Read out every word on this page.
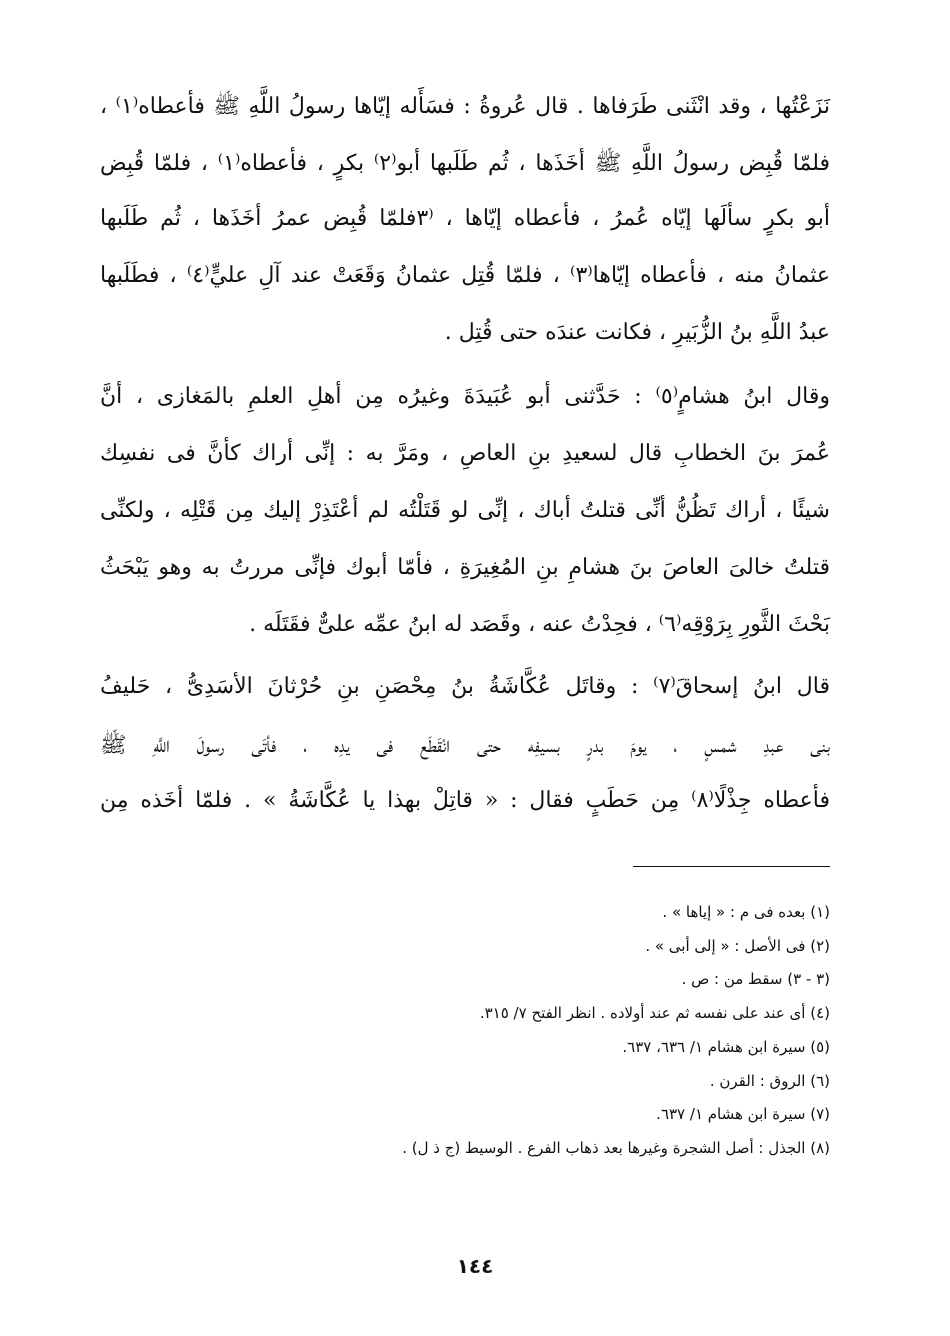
نَزَعْتُها ، وقد انْثَنى طَرَفاها . قال عُروةُ : فسَأَله إيّاها رسولُ اللَّهِ ﷺ فأعطاه⁽١⁾ ،
فلمّا قُبِض رسولُ اللَّهِ ﷺ أخَذَها ، ثُم طَلَبها أبو⁽٢⁾ بكرٍ ، فأعطاه⁽١⁾ ، فلمّا قُبِض
أبو بكرٍ سألَها إيّاه عُمرُ ، فأعطاه إيّاها ، ⁽٣فلمّا قُبِض عمرُ أخَذَها ، ثُم طَلَبها
عثمانُ منه ، فأعطاه إيّاها⁽٣⁾ ، فلمّا قُتِل عثمانُ وَقَعَتْ عند آلِ عليٍّ⁽٤⁾ ، فطَلَبها
عبدُ اللَّهِ بنُ الزُّبَيرِ ، فكانت عندَه حتى قُتِل .
وقال ابنُ هشامٍ⁽٥⁾ : حَدَّثنى أبو عُبَيدَةَ وغيرُه مِن أهلِ العلمِ بالمَغازى ، أنَّ
عُمرَ بنَ الخطابِ قال لسعيدِ بنِ العاصِ ، ومَرَّ به : إنِّى أراك كأنَّ فى نفسِك
شيئًا ، أراك تَظُنُّ أنِّى قتلتُ أباك ، إنِّى لو قَتَلْتُه لم أعْتَذِرْ إليك مِن قَتْلِه ، ولكنِّى
قتلتُ خالىَ العاصَ بنَ هشامِ بنِ المُغِيرَةِ ، فأمّا أبوك فإنِّى مررتُ به وهو يَبْحَثُ
بَحْثَ الثَّورِ بِرَوْقِه⁽٦⁾ ، فحِدْتُ عنه ، وقَصَد له ابنُ عمِّه علىٌّ فقَتَلَه .
قال ابنُ إسحاقَ⁽٧⁾ : وقاتَل عُكَّاشَةُ بنُ مِحْصَنِ بنِ حُرْثانَ الأسَدِىُّ ، حَليفُ
بنى عبدِ شمسٍ ، يومَ بدرٍ بسيفِه حتى انْقَطَع فى يدِه ، فأتَى رسولَ اللَّهِ ﷺ
فأعطاه جِذْلًا⁽٨⁾ مِن حَطَبٍ فقال : « قاتِلْ بهذا يا عُكَّاشَةُ » . فلمّا أخَذه مِن
(١) بعده فى م : « إياها » .
(٢) فى الأصل : « إلى أبى » .
(٣ - ٣) سقط من : ص .
(٤) أى عند على نفسه ثم عند أولاده . انظر الفتح ٧/ ٣١٥.
(٥) سيرة ابن هشام ١/ ٦٣٦، ٦٣٧.
(٦) الروق : القرن .
(٧) سيرة ابن هشام ١/ ٦٣٧.
(٨) الجذل : أصل الشجرة وغيرها بعد ذهاب الفرع . الوسيط (ج ذ ل) .
١٤٤
